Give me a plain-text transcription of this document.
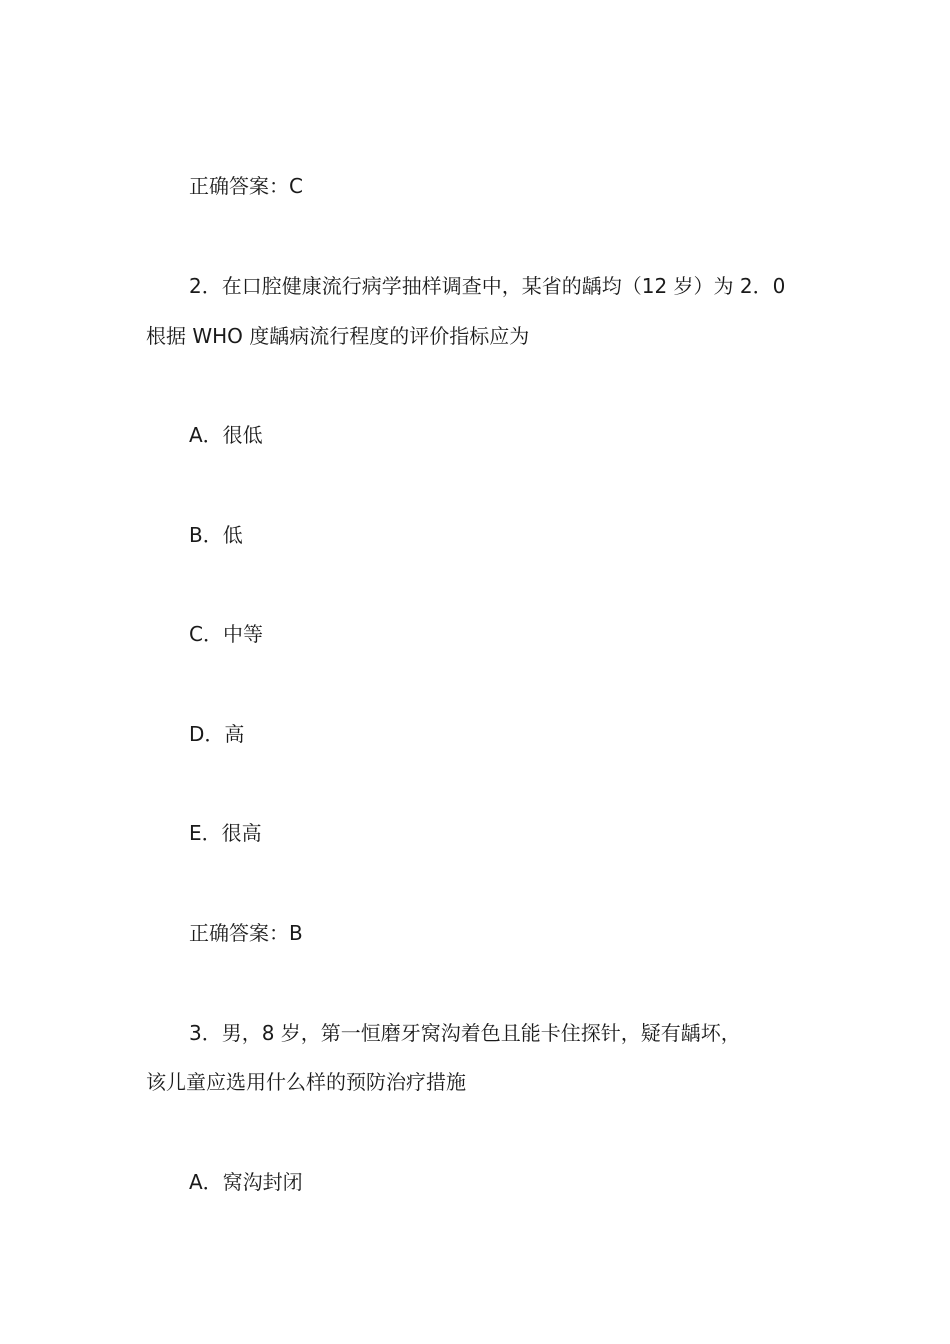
正确答案：C
2．在口腔健康流行病学抽样调查中，某省的龋均（12 岁）为 2．0
根据 WHO 度龋病流行程度的评价指标应为
A．很低
B．低
C．中等
D．高
E．很高
正确答案：B
3．男，8 岁，第一恒磨牙窝沟着色且能卡住探针，疑有龋坏，
该儿童应选用什么样的预防治疗措施
A．窝沟封闭
